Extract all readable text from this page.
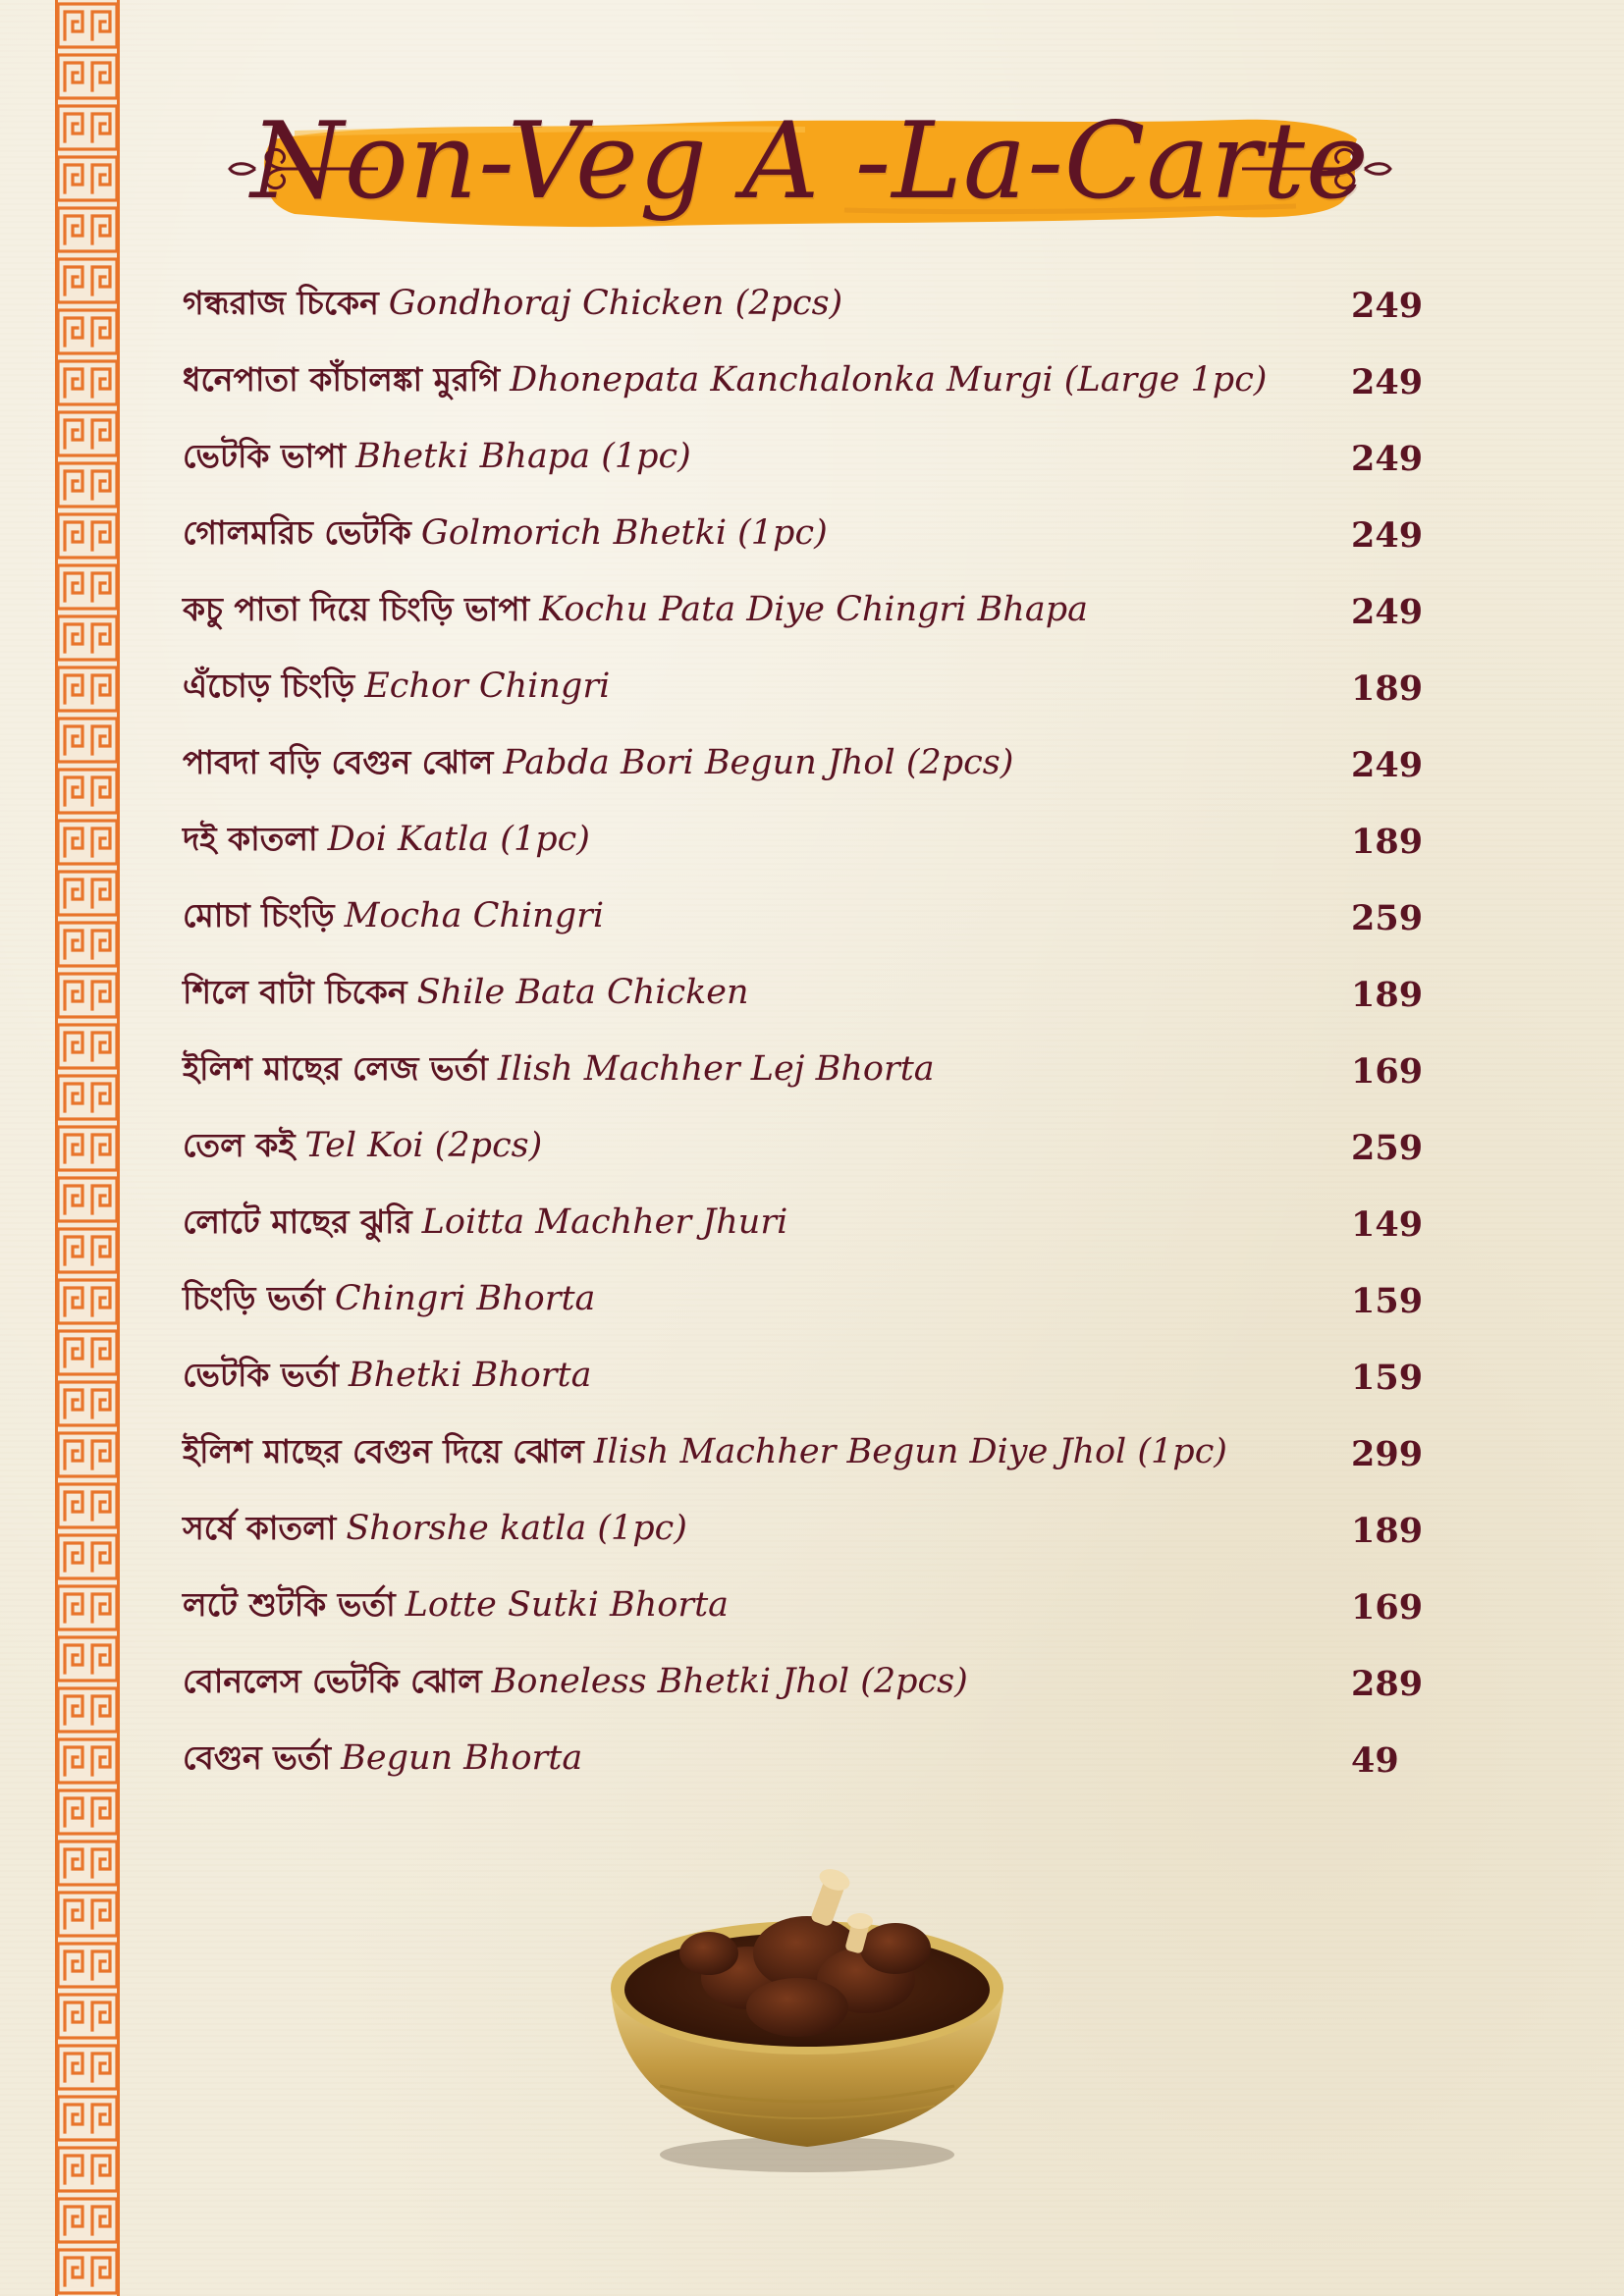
Non-Veg A -La-Carte
গন্ধরাজ চিকেন Gondhoraj Chicken (2pcs)	249
ধনেপাতা কাঁচালঙ্কা মুরগি Dhonepata Kanchalonka Murgi (Large 1pc) 249
ভেটকি ভাপা Bhetki Bhapa (1pc)	249
গোলমরিচ ভেটকি Golmorich Bhetki (1pc)	249
কচু পাতা দিয়ে চিংড়ি ভাপা Kochu Pata Diye Chingri Bhapa	249
এঁচোড় চিংড়ি Echor Chingri	189
পাবদা বড়ি বেগুন ঝোল Pabda Bori Begun Jhol (2pcs)	249
দই কাতলা Doi Katla (1pc)	189
মোচা চিংড়ি Mocha Chingri	259
শিলে বাটা চিকেন Shile Bata Chicken	189
ইলিশ মাছের লেজ ভর্তা Ilish Machher Lej Bhorta	169
তেল কই Tel Koi (2pcs)	259
লোটে মাছের ঝুরি Loitta Machher Jhuri	149
চিংড়ি ভর্তা Chingri Bhorta	159
ভেটকি ভর্তা Bhetki Bhorta	159
ইলিশ মাছের বেগুন দিয়ে ঝোল Ilish Machher Begun Diye Jhol (1pc)	299
সর্ষে কাতলা Shorshe katla (1pc)	189
লটে শুটকি ভর্তা Lotte Sutki Bhorta	169
বোনলেস ভেটকি ঝোল Boneless Bhetki Jhol (2pcs)	289
বেগুন ভর্তা Begun Bhorta	49
